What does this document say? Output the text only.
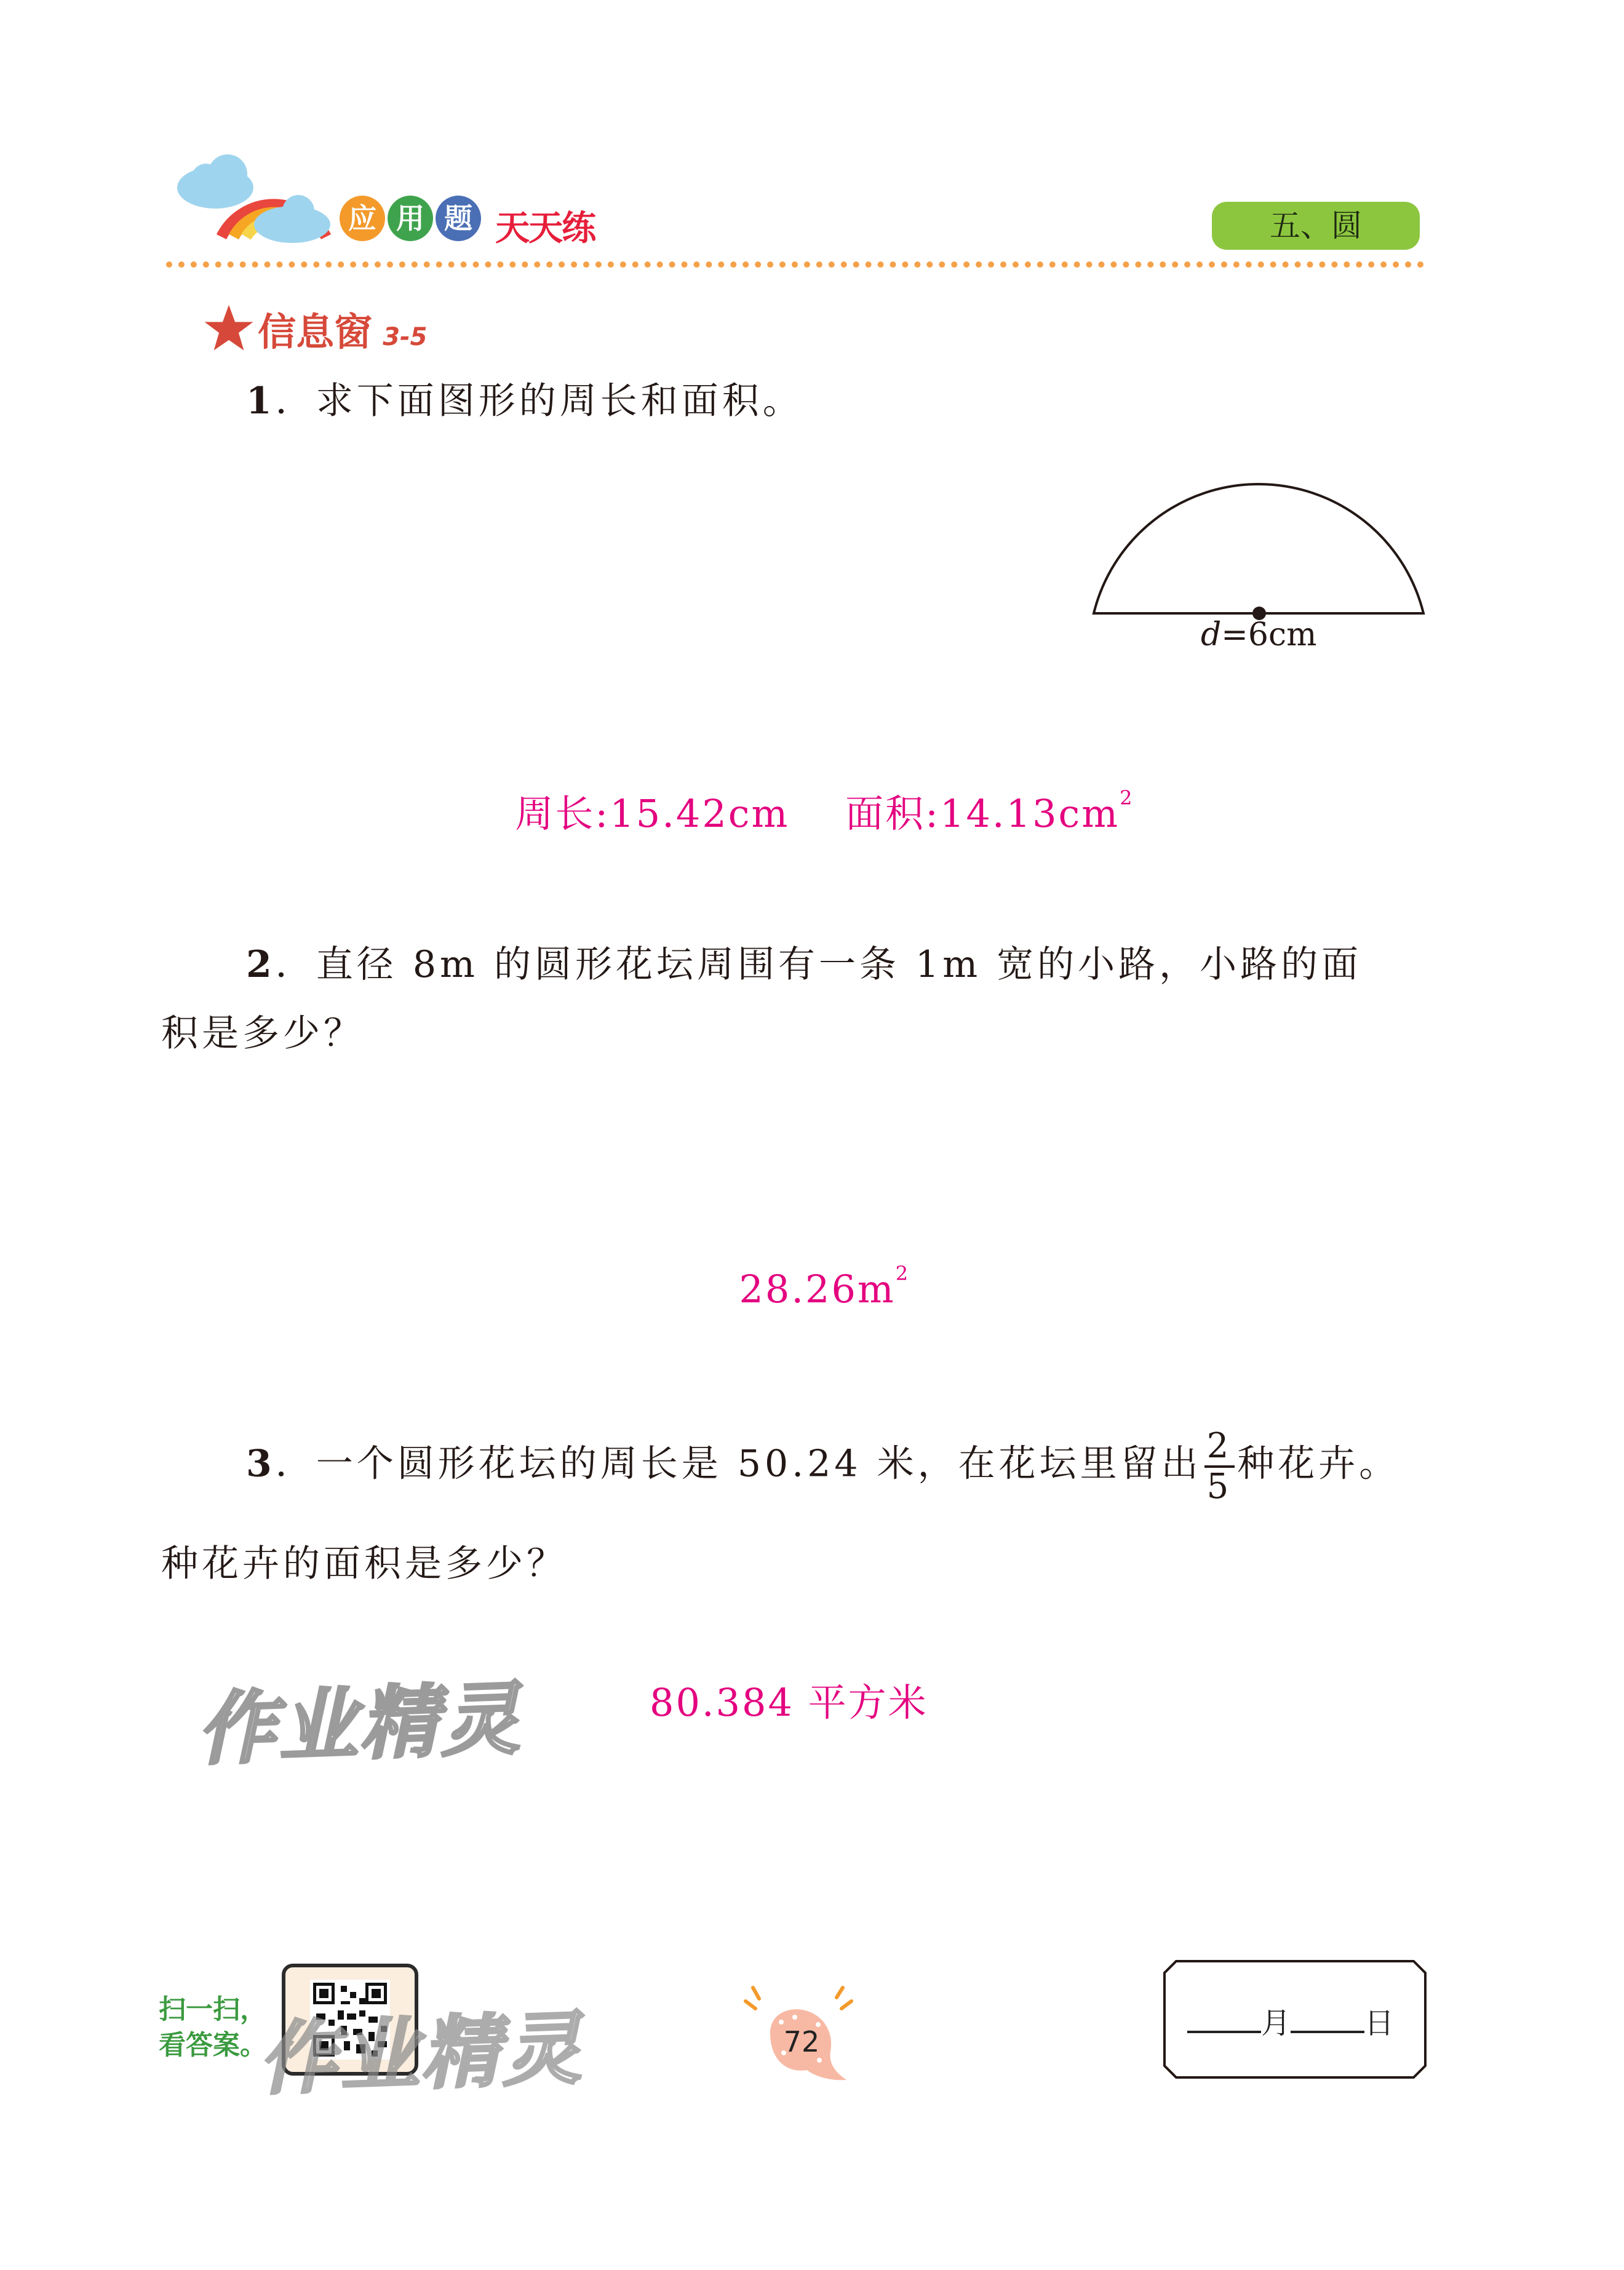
应 用 题 天天练	五、圆
信息窗 3-5
1．求下面图形的周长和面积。
d=6cm

周长:15.42cm    面积$:14.13cm^2$

2．直径 8m 的圆形花坛周围有一条 1m 宽的小路，小路的面
积是多少？

$28.26m^2$

3．一个圆形花坛的周长是 50.24 米，在花坛里留出 $\frac{2}{5}$ 种花卉。
种花卉的面积是多少？
作业精灵	80.384 平方米
扫一扫，
看答案。	72
月	日
作业精灵
